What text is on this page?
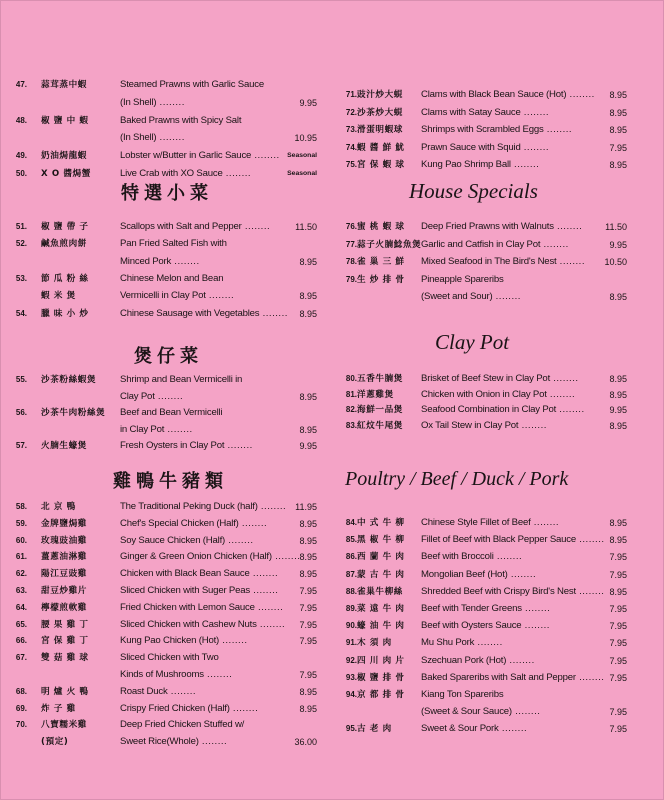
47. 蒜茸蒸中蝦	Steamed Prawns with Garlic Sauce
(In Shell) .....	9.95
48. 椒 鹽 中 蝦	Baked Prawns with Spicy Salt
(In Shell) .....	10.95
49. 奶油焗龍蝦	Lobster w/Butter in Garlic Sauce .....	Seasonal
50. X O 醬焗蟹	Live Crab with XO Sauce .....	Seasonal
特選小菜
51. 椒 鹽 帶 子	Scallops with Salt and Pepper .....	11.50
52. 鹹魚煎肉餅	Pan Fried Salted Fish with
Minced Pork .....	8.95
53. 節 瓜 粉 絲	Chinese Melon and Bean
蝦 米 煲	Vermicelli in Clay Pot .....	8.95
54. 臘 味 小 炒	Chinese Sausage with Vegetables .....	8.95
煲仔菜
55. 沙茶粉絲蝦煲 Shrimp and Bean Vermicelli in
Clay Pot .....	8.95
56. 沙茶牛肉粉絲煲 Beef and Bean Vermicelli
in Clay Pot .....	8.95
57. 火腩生蠔煲	Fresh Oysters in Clay Pot .....	9.95
雞鴨牛豬類
58. 北 京 鴨	The Traditional Peking Duck (half) .....	11.95
59. 金牌鹽焗雞	Chef's Special Chicken (Half) .....	8.95
60. 玫瑰豉油雞	Soy Sauce Chicken (Half) .....	8.95
61. 薑蔥油淋雞	Ginger & Green Onion Chicken (Half) .....	8.95
62. 陽江豆豉雞	Chicken with Black Bean Sauce .....	8.95
63. 甜豆炒雞片	Sliced Chicken with Suger Peas .....	7.95
64. 檸檬煎軟雞	Fried Chicken with Lemon Sauce .....	7.95
65. 腰 果 雞 丁	Sliced Chicken with Cashew Nuts .....	7.95
66. 宮 保 雞 丁	Kung Pao Chicken (Hot) .....	7.95
67. 雙 菇 雞 球	Sliced Chicken with Two
Kinds of Mushrooms .....	7.95
68. 明 爐 火 鴨	Roast Duck .....	8.95
69. 炸 子 雞	Crispy Fried Chicken (Half) .....	8.95
70. 八寶糯米雞	Deep Fried Chicken Stuffed w/
(預定)	Sweet Rice(Whole) .....	36.00
71. 豉汁炒大蜆 Clams with Black Bean Sauce (Hot) .....	8.95
72. 沙茶炒大蜆 Clams with Satay Sauce .....	8.95
73. 滑蛋明蝦球 Shrimps with Scrambled Eggs .....	8.95
74. 蝦 醬 鮮 魷 Prawn Sauce with Squid .....	7.95
75. 宮 保 蝦 球 Kung Pao Shrimp Ball .....	8.95
House Specials
76. 蜜 桃 蝦 球 Deep Fried Prawns with Walnuts .....	11.50
77. 蒜子火腩鯰魚煲 Garlic and Catfish in Clay Pot .....	9.95
78. 雀 巢 三 鮮 Mixed Seafood in The Bird's Nest .....	10.50
79. 生 炒 排 骨 Pineapple Spareribs
(Sweet and Sour) .....	8.95
Clay Pot
80. 五香牛腩煲 Brisket of Beef Stew in Clay Pot .....	8.95
81. 洋蔥雞煲	Chicken with Onion in Clay Pot .....	8.95
82. 海鮮一品煲 Seafood Combination in Clay Pot .....	9.95
83. 紅炆牛尾煲 Ox Tail Stew in Clay Pot .....	8.95
Poultry / Beef / Duck / Pork
84. 中 式 牛 柳 Chinese Style Fillet of Beef .....	8.95
85. 黑 椒 牛 柳 Fillet of Beef with Black Pepper Sauce .....	8.95
86. 西 蘭 牛 肉 Beef with Broccoli .....	7.95
87. 蒙 古 牛 肉 Mongolian Beef (Hot) .....	7.95
88. 雀巢牛柳絲 Shredded Beef with Crispy Bird's Nest .....	8.95
89. 菜 遠 牛 肉 Beef with Tender Greens .....	7.95
90. 蠔 油 牛 肉 Beef with Oysters Sauce .....	7.95
91. 木 須 肉	Mu Shu Pork .....	7.95
92. 四 川 肉 片 Szechuan Pork (Hot) .....	7.95
93. 椒 鹽 排 骨 Baked Spareribs with Salt and Pepper .....	7.95
94. 京 都 排 骨 Kiang Ton Spareribs
(Sweet & Sour Sauce) .....	7.95
95. 古 老 肉	Sweet & Sour Pork .....	7.95
